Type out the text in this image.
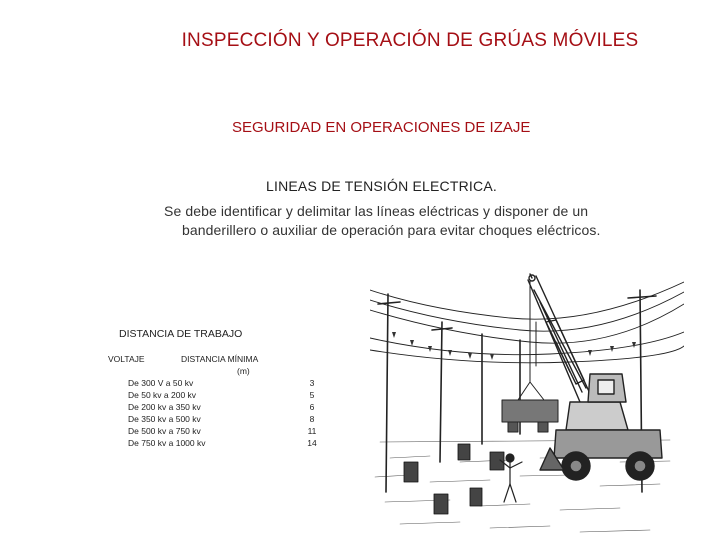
INSPECCIÓN Y OPERACIÓN DE GRÚAS MÓVILES
SEGURIDAD EN OPERACIONES DE IZAJE
LINEAS DE TENSIÓN ELECTRICA.
Se debe identificar y delimitar las líneas eléctricas y disponer de un
banderillero o auxiliar de operación para evitar choques eléctricos.
DISTANCIA DE TRABAJO
VOLTAJE	DISTANCIA MÍNIMA
(m)
De 300 V a 50 kv	3
De 50 kv a 200 kv	5
De 200 kv a 350 kv	6
De 350 kv a 500 kv	8
De 500 kv a 750 kv	11
De 750 kv a 1000 kv	14
